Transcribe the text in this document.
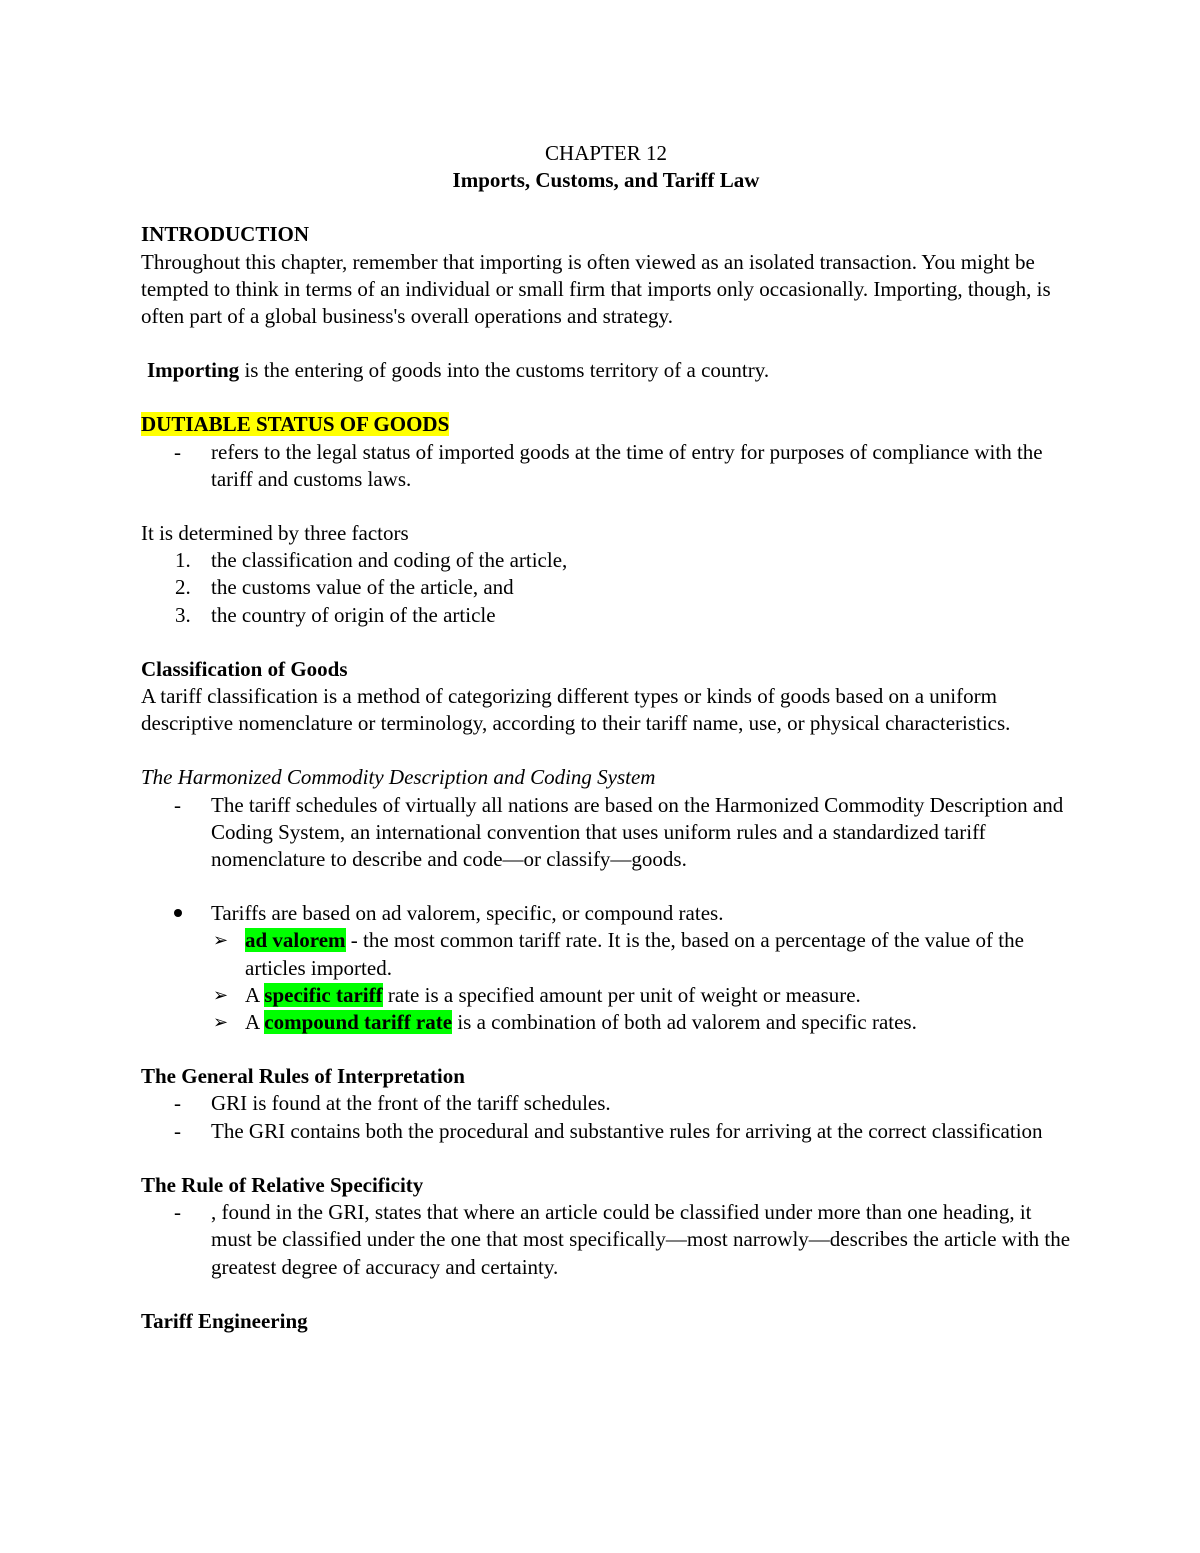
CHAPTER 12

Imports, Customs, and Tariff Law

INTRODUCTION

Throughout this chapter, remember that importing is often viewed as an isolated transaction. You might be tempted to think in terms of an individual or small firm that imports only occasionally. Importing, though, is often part of a global business's overall operations and strategy.

Importing is the entering of goods into the customs territory of a country.

DUTIABLE STATUS OF GOODS

-	refers to the legal status of imported goods at the time of entry for purposes of compliance with the tariff and customs laws.

It is determined by three factors

1. the classification and coding of the article,
2. the customs value of the article, and
3. the country of origin of the article

Classification of Goods

A tariff classification is a method of categorizing different types or kinds of goods based on a uniform descriptive nomenclature or terminology, according to their tariff name, use, or physical characteristics.

The Harmonized Commodity Description and Coding System

-	The tariff schedules of virtually all nations are based on the Harmonized Commodity Description and Coding System, an international convention that uses uniform rules and a standardized tariff nomenclature to describe and code—or classify—goods.
Tariffs are based on ad valorem, specific, or compound rates.
➢ ad valorem - the most common tariff rate. It is the, based on a percentage of the value of the articles imported.
➢ A specific tariff rate is a specified amount per unit of weight or measure.
➢ A compound tariff rate is a combination of both ad valorem and specific rates.

The General Rules of Interpretation

-	GRI is found at the front of the tariff schedules.
-	The GRI contains both the procedural and substantive rules for arriving at the correct classification

The Rule of Relative Specificity

-	, found in the GRI, states that where an article could be classified under more than one heading, it must be classified under the one that most specifically—most narrowly—describes the article with the greatest degree of accuracy and certainty.

Tariff Engineering
